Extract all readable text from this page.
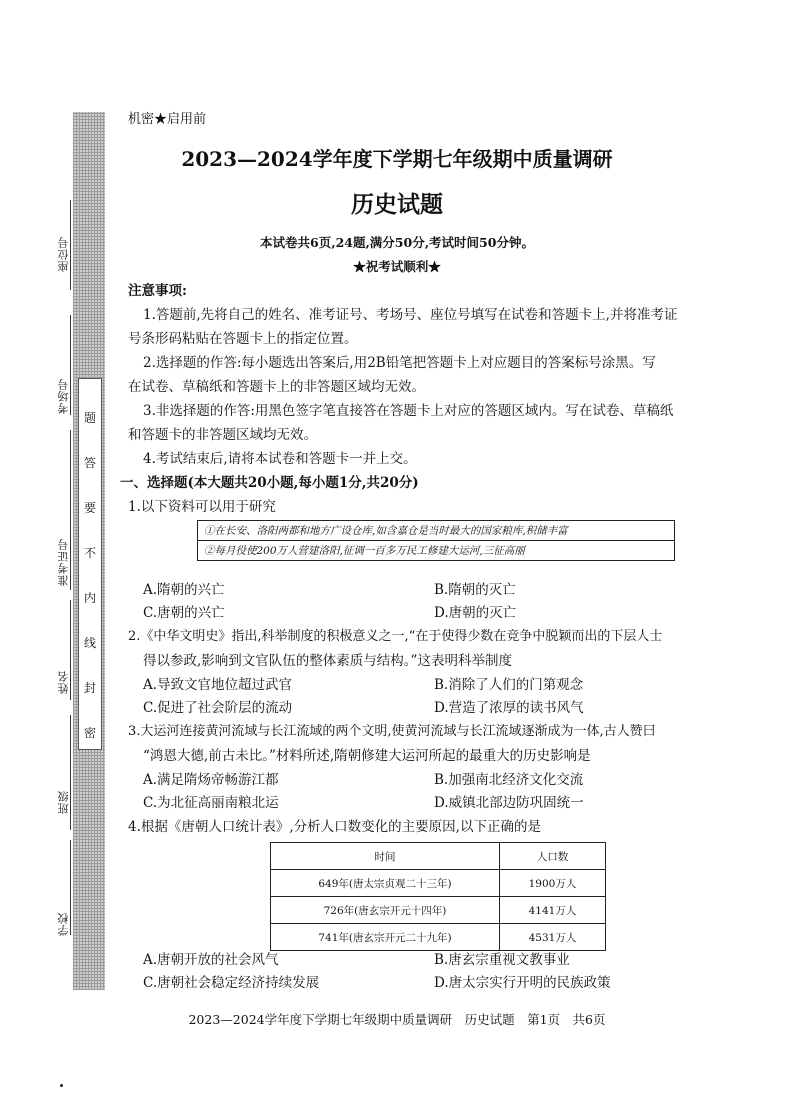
题
答
要
不
内
线
封
密
座位号
考场号
准考证号
姓名
班级
学校
机密★启用前
2023—2024学年度下学期七年级期中质量调研
历史试题
本试卷共6页,24题,满分50分,考试时间50分钟。
★祝考试顺利★
注意事项:
1.答题前,先将自己的姓名、准考证号、考场号、座位号填写在试卷和答题卡上,并将准考证
号条形码粘贴在答题卡上的指定位置。
2.选择题的作答:每小题选出答案后,用2B铅笔把答题卡上对应题目的答案标号涂黑。写
在试卷、草稿纸和答题卡上的非答题区域均无效。
3.非选择题的作答:用黑色签字笔直接答在答题卡上对应的答题区域内。写在试卷、草稿纸
和答题卡的非答题区域均无效。
4.考试结束后,请将本试卷和答题卡一并上交。
一、选择题(本大题共20小题,每小题1分,共20分)
1.以下资料可以用于研究
①在长安、洛阳两都和地方广设仓库,如含嘉仓是当时最大的国家粮库,积储丰富
②每月役使200万人营建洛阳,征调一百多万民工修建大运河,三征高丽
A.隋朝的兴亡	B.隋朝的灭亡
C.唐朝的兴亡	D.唐朝的灭亡
2.《中华文明史》指出,科举制度的积极意义之一,“在于使得少数在竞争中脱颖而出的下层人士
得以参政,影响到文官队伍的整体素质与结构。”这表明科举制度
A.导致文官地位超过武官	B.消除了人们的门第观念
C.促进了社会阶层的流动	D.营造了浓厚的读书风气
3.大运河连接黄河流域与长江流域的两个文明,使黄河流域与长江流域逐渐成为一体,古人赞曰
“鸿恩大德,前古未比。”材料所述,隋朝修建大运河所起的最重大的历史影响是
A.满足隋炀帝畅游江都	B.加强南北经济文化交流
C.为北征高丽南粮北运	D.威镇北部边防巩固统一
4.根据《唐朝人口统计表》,分析人口数变化的主要原因,以下正确的是
时间	人口数
649年(唐太宗贞观二十三年)	1900万人
726年(唐玄宗开元十四年)	4141万人
741年(唐玄宗开元二十九年)	4531万人
A.唐朝开放的社会风气	B.唐玄宗重视文教事业
C.唐朝社会稳定经济持续发展	D.唐太宗实行开明的民族政策
2023—2024学年度下学期七年级期中质量调研　历史试题　第1页　共6页
